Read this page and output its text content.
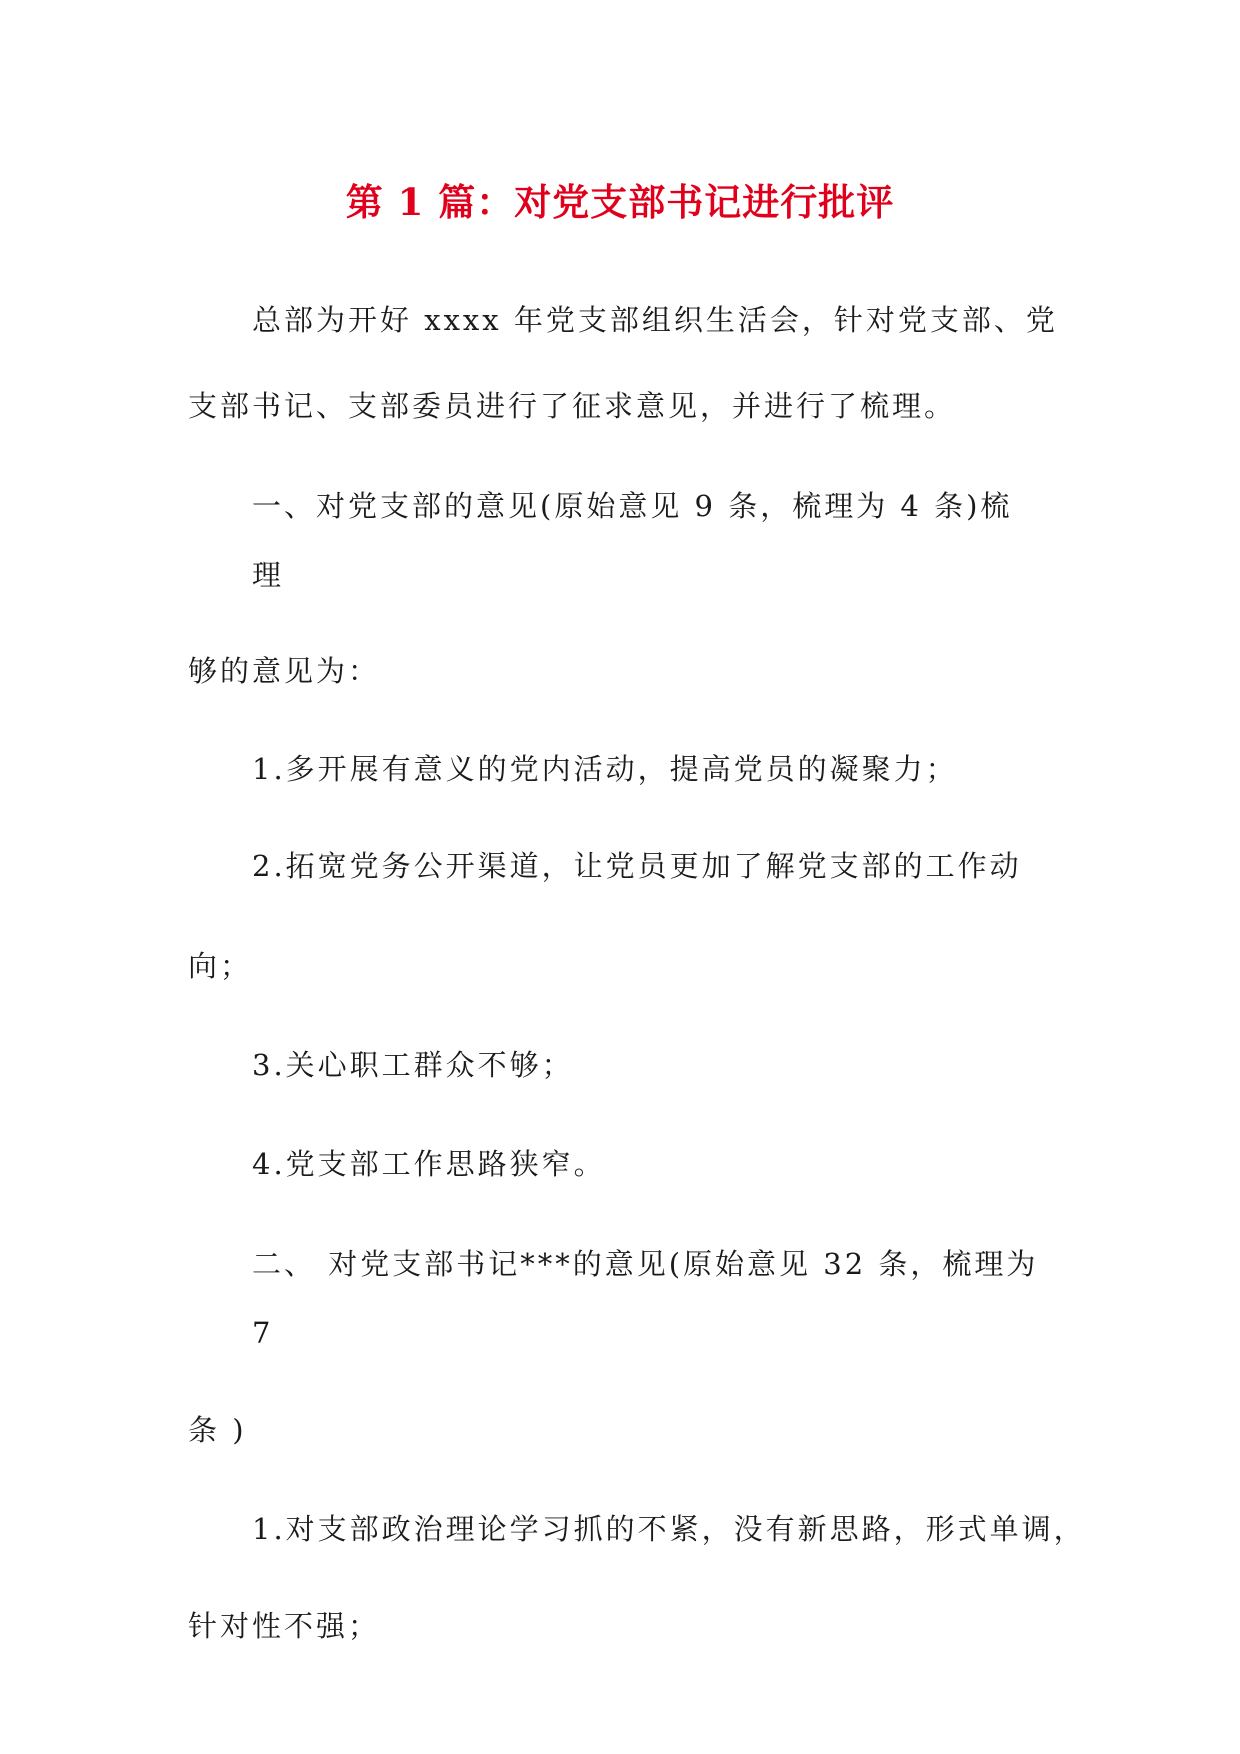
第 1 篇：对党支部书记进行批评
总部为开好 xxxx 年党支部组织生活会，针对党支部、党
支部书记、支部委员进行了征求意见，并进行了梳理。
一、对党支部的意见(原始意见 9 条，梳理为 4 条)梳
理
够的意见为：
1.多开展有意义的党内活动，提高党员的凝聚力；
2.拓宽党务公开渠道，让党员更加了解党支部的工作动
向；
3.关心职工群众不够；
4.党支部工作思路狭窄。
二、 对党支部书记***的意见(原始意见 32 条，梳理为
7
条 )
1.对支部政治理论学习抓的不紧，没有新思路，形式单调，
针对性不强；
